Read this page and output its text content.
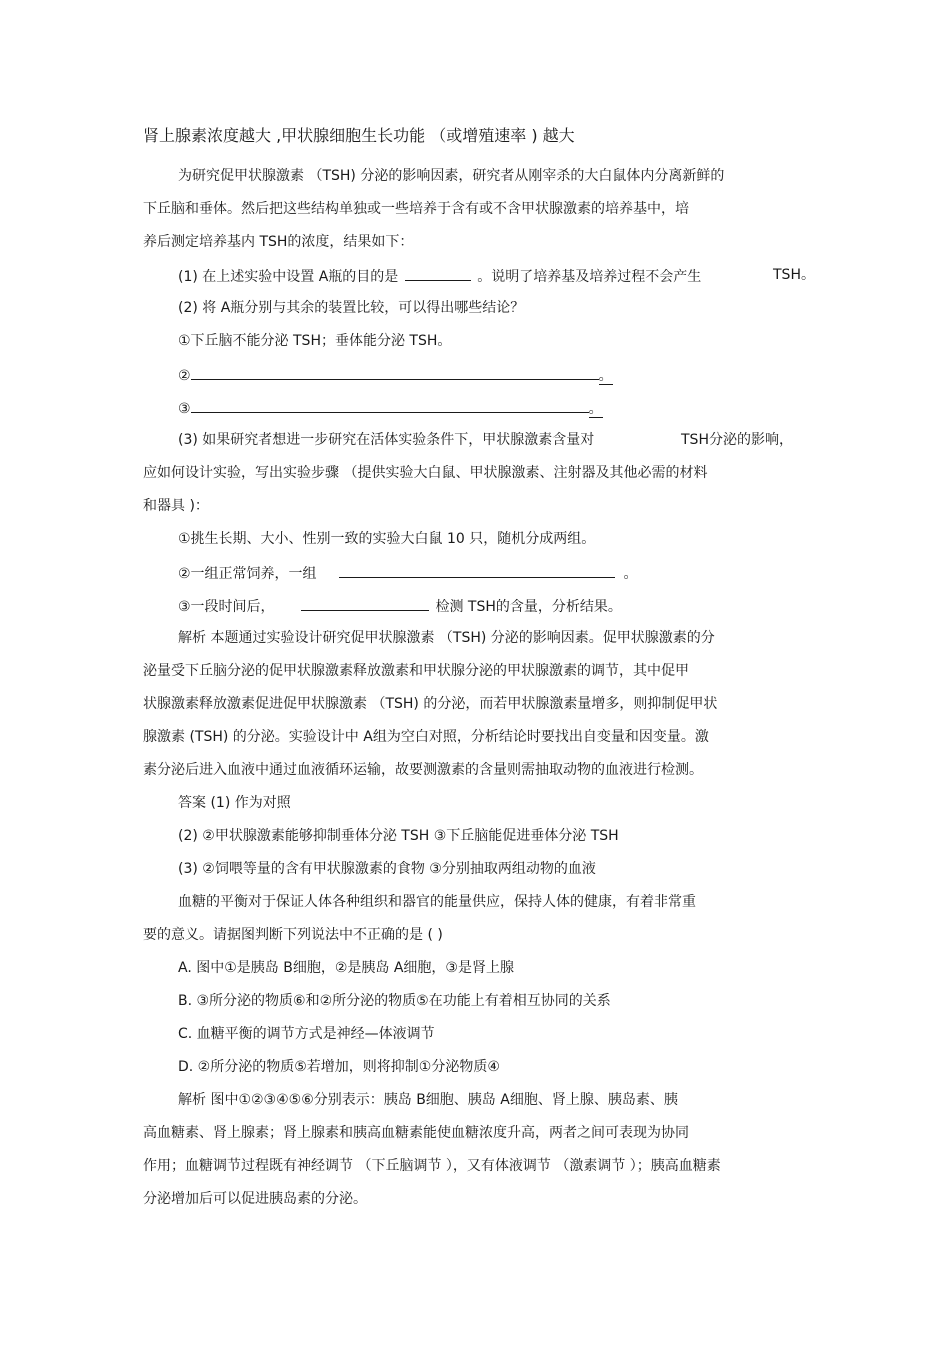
肾上腺素浓度越大 ,甲状腺细胞生长功能 （或增殖速率 ) 越大
为研究促甲状腺激素 （TSH) 分泌的影响因素，研究者从刚宰杀的大白鼠体内分离新鲜的
下丘脑和垂体。然后把这些结构单独或一些培养于含有或不含甲状腺激素的培养基中，培
养后测定培养基内 TSH的浓度，结果如下：
(1) 在上述实验中设置 A瓶的目的是	。说明了培养基及培养过程不会产生	TSH。
(2) 将 A瓶分别与其余的装置比较，可以得出哪些结论？
①下丘脑不能分泌 TSH；垂体能分泌 TSH。
②	。
③	。
(3) 如果研究者想进一步研究在活体实验条件下，甲状腺激素含量对	TSH分泌的影响，
应如何设计实验，写出实验步骤 （提供实验大白鼠、甲状腺激素、注射器及其他必需的材料
和器具 )：
①挑生长期、大小、性别一致的实验大白鼠 10 只，随机分成两组。
②一组正常饲养，一组	。
③一段时间后，	检测 TSH的含量，分析结果。
解析 本题通过实验设计研究促甲状腺激素 （TSH) 分泌的影响因素。促甲状腺激素的分
泌量受下丘脑分泌的促甲状腺激素释放激素和甲状腺分泌的甲状腺激素的调节，其中促甲
状腺激素释放激素促进促甲状腺激素 （TSH) 的分泌，而若甲状腺激素量增多，则抑制促甲状
腺激素 (TSH) 的分泌。实验设计中 A组为空白对照，分析结论时要找出自变量和因变量。激
素分泌后进入血液中通过血液循环运输，故要测激素的含量则需抽取动物的血液进行检测。
答案 (1) 作为对照
(2) ②甲状腺激素能够抑制垂体分泌 TSH ③下丘脑能促进垂体分泌 TSH
(3) ②饲喂等量的含有甲状腺激素的食物 ③分别抽取两组动物的血液
血糖的平衡对于保证人体各种组织和器官的能量供应，保持人体的健康，有着非常重
要的意义。请据图判断下列说法中不正确的是 ( )
A. 图中①是胰岛 B细胞，②是胰岛 A细胞，③是肾上腺
B. ③所分泌的物质⑥和②所分泌的物质⑤在功能上有着相互协同的关系
C. 血糖平衡的调节方式是神经—体液调节
D. ②所分泌的物质⑤若增加，则将抑制①分泌物质④
解析 图中①②③④⑤⑥分别表示：胰岛 B细胞、胰岛 A细胞、肾上腺、胰岛素、胰
高血糖素、肾上腺素；肾上腺素和胰高血糖素能使血糖浓度升高，两者之间可表现为协同
作用；血糖调节过程既有神经调节 （下丘脑调节 ），又有体液调节 （激素调节 ）；胰高血糖素
分泌增加后可以促进胰岛素的分泌。
